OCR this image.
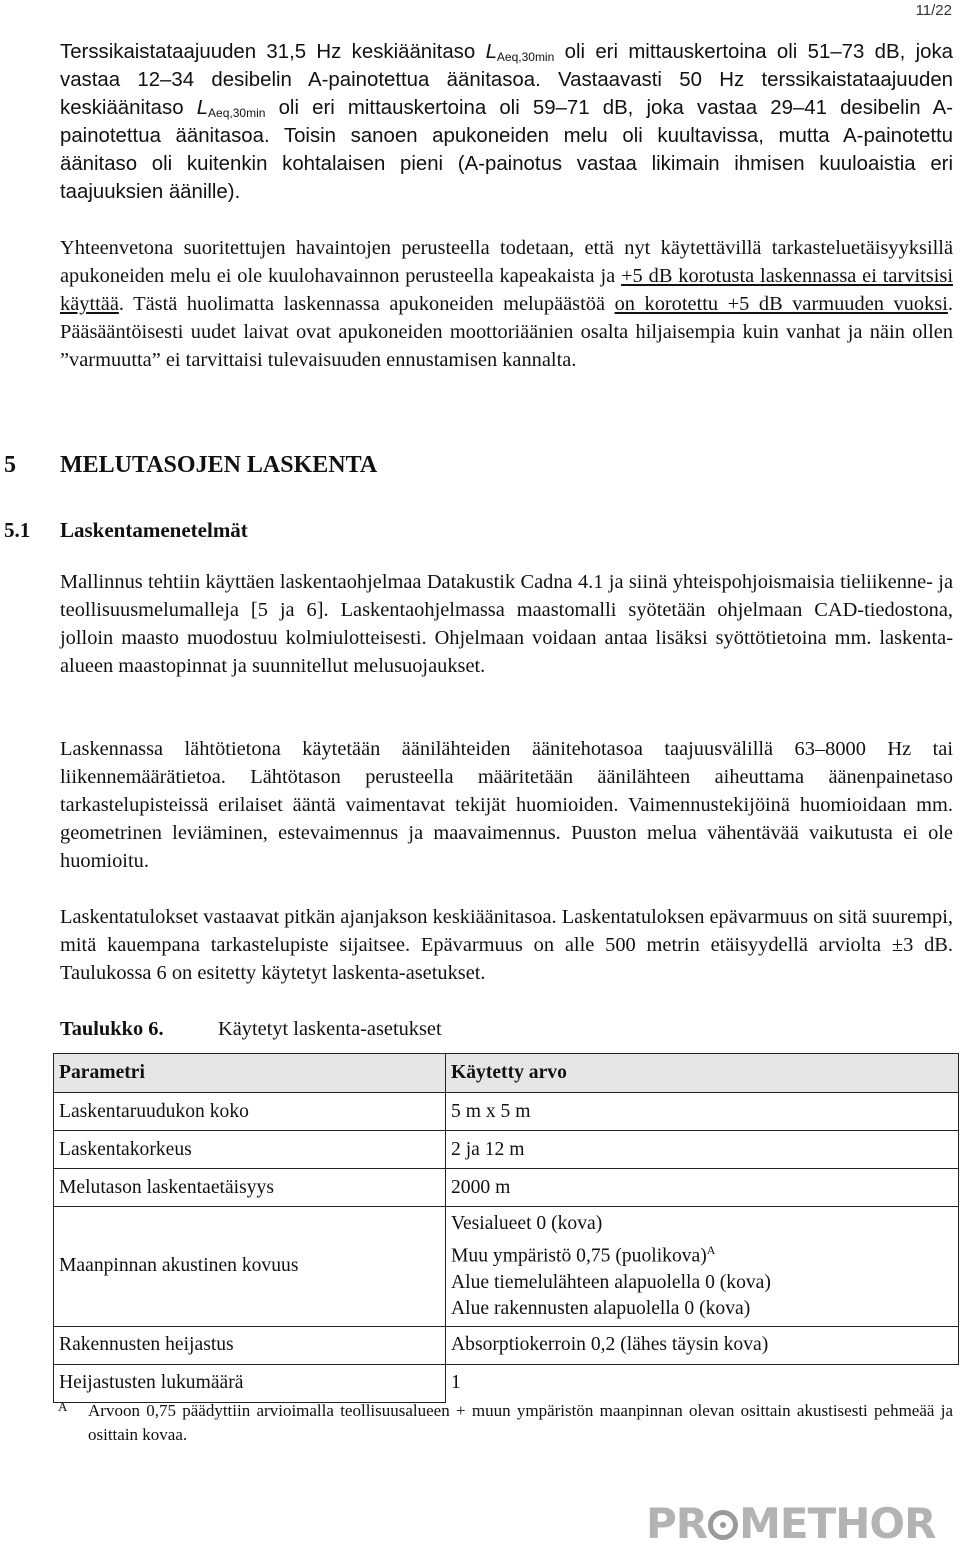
11/22

Terssikaistataajuuden 31,5 Hz keskiäänitaso $L_{Aeq,30min}$ oli eri mittauskertoina oli 51–73 dB, joka vastaa 12–34 desibelin A-painotettua äänitasoa. Vastaavasti 50 Hz terssikaistataajuuden keskiäänitaso $L_{Aeq,30min}$ oli eri mittauskertoina oli 59–71 dB, joka vastaa 29–41 desibelin A-painotettua äänitasoa. Toisin sanoen apukoneiden melu oli kuultavissa, mutta A-painotettu äänitaso oli kuitenkin kohtalaisen pieni (A-painotus vastaa likimain ihmisen kuuloaistia eri taajuuksien äänille).

Yhteenvetona suoritettujen havaintojen perusteella todetaan, että nyt käytettävillä tarkasteluetäisyyksillä apukoneiden melu ei ole kuulohavainnon perusteella kapeakaista ja +5 dB korotusta laskennassa ei tarvitsisi käyttää. Tästä huolimatta laskennassa apukoneiden melupäästöä on korotettu +5 dB varmuuden vuoksi. Pääsääntöisesti uudet laivat ovat apukoneiden moottoriäänien osalta hiljaisempia kuin vanhat ja näin ollen ”varmuutta” ei tarvittaisi tulevaisuuden ennustamisen kannalta.

5 MELUTASOJEN LASKENTA
5.1 Laskentamenetelmät

Mallinnus tehtiin käyttäen laskentaohjelmaa Datakustik Cadna 4.1 ja siinä yhteispohjoismaisia tieliikenne- ja teollisuusmelumalleja [5 ja 6]. Laskentaohjelmassa maastomalli syötetään ohjelmaan CAD-tiedostona, jolloin maasto muodostuu kolmiulotteisesti. Ohjelmaan voidaan antaa lisäksi syöttötietoina mm. laskenta-alueen maastopinnat ja suunnitellut melusuojaukset.

Laskennassa lähtötietona käytetään äänilähteiden äänitehotasoa taajuusvälillä 63–8000 Hz tai liikennemäärätietoa. Lähtötason perusteella määritetään äänilähteen aiheuttama äänenpainetaso tarkastelupisteissä erilaiset ääntä vaimentavat tekijät huomioiden. Vaimennustekijöinä huomioidaan mm. geometrinen leviäminen, estevaimennus ja maavaimennus. Puuston melua vähentävää vaikutusta ei ole huomioitu.

Laskentatulokset vastaavat pitkän ajanjakson keskiäänitasoa. Laskentatuloksen epävarmuus on sitä suurempi, mitä kauempana tarkastelupiste sijaitsee. Epävarmuus on alle 500 metrin etäisyydellä arviolta ±3 dB. Taulukossa 6 on esitetty käytetyt laskenta-asetukset.

Taulukko 6.	Käytetyt laskenta-asetukset
Parametri	Käytetty arvo
Laskentaruudukon koko	5 m x 5 m
Laskentakorkeus	2 ja 12 m
Melutason laskentaetäisyys	2000 m
Maanpinnan akustinen kovuus	Vesialueet 0 (kova)
Muu ympäristö 0,75 (puolikova)$^A$
Alue tiemelulähteen alapuolella 0 (kova)
Alue rakennusten alapuolella 0 (kova)

Rakennusten heijastus	Absorptiokerroin 0,2 (lähes täysin kova)
Heijastusten lukumäärä	1
A Arvoon 0,75 päädyttiin arvioimalla teollisuusalueen + muun ympäristön maanpinnan olevan osittain akustisesti pehmeää ja osittain kovaa.
PR METHOR
